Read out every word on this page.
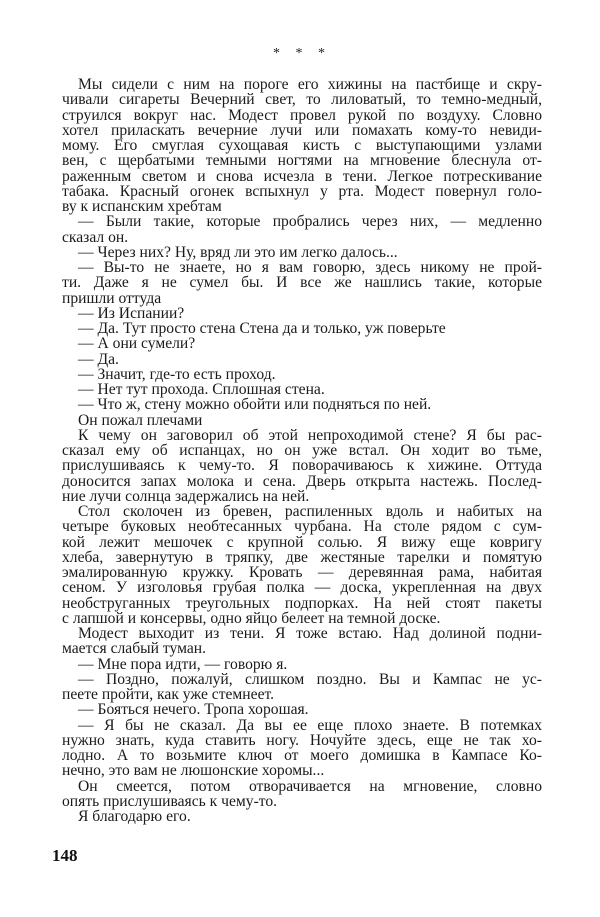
* * *
Мы сидели с ним на пороге его хижины на пастбище и скру-
чивали сигареты Вечерний свет, то лиловатый, то темно-медный,
струился вокруг нас. Модест провел рукой по воздуху. Словно
хотел приласкать вечерние лучи или помахать кому-то невиди-
мому. Его смуглая сухощавая кисть с выступающими узлами
вен, с щербатыми темными ногтями на мгновение блеснула от-
раженным светом и снова исчезла в тени. Легкое потрескивание
табака. Красный огонек вспыхнул у рта. Модест повернул голо-
ву к испанским хребтам
— Были такие, которые пробрались через них, — медленно
сказал он.
— Через них? Ну, вряд ли это им легко далось...
— Вы-то не знаете, но я вам говорю, здесь никому не прой-
ти. Даже я не сумел бы. И все же нашлись такие, которые
пришли оттуда
— Из Испании?
— Да. Тут просто стена Стена да и только, уж поверьте
— А они сумели?
— Да.
— Значит, где-то есть проход.
— Нет тут прохода. Сплошная стена.
— Что ж, стену можно обойти или подняться по ней.
Он пожал плечами
К чему он заговорил об этой непроходимой стене? Я бы рас-
сказал ему об испанцах, но он уже встал. Он ходит во тьме,
прислушиваясь к чему-то. Я поворачиваюсь к хижине. Оттуда
доносится запах молока и сена. Дверь открыта настежь. Послед-
ние лучи солнца задержались на ней.
Стол сколочен из бревен, распиленных вдоль и набитых на
четыре буковых необтесанных чурбана. На столе рядом с сум-
кой лежит мешочек с крупной солью. Я вижу еще ковригу
хлеба, завернутую в тряпку, две жестяные тарелки и помятую
эмалированную кружку. Кровать — деревянная рама, набитая
сеном. У изголовья грубая полка — доска, укрепленная на двух
необструганных треугольных подпорках. На ней стоят пакеты
с лапшой и консервы, одно яйцо белеет на темной доске.
Модест выходит из тени. Я тоже встаю. Над долиной подни-
мается слабый туман.
— Мне пора идти, — говорю я.
— Поздно, пожалуй, слишком поздно. Вы и Кампас не ус-
пеете пройти, как уже стемнеет.
— Бояться нечего. Тропа хорошая.
— Я бы не сказал. Да вы ее еще плохо знаете. В потемках
нужно знать, куда ставить ногу. Ночуйте здесь, еще не так хо-
лодно. А то возьмите ключ от моего домишка в Кампасе Ко-
нечно, это вам не люшонские хоромы...
Он смеется, потом отворачивается на мгновение, словно
опять прислушиваясь к чему-то.
Я благодарю его.
148
